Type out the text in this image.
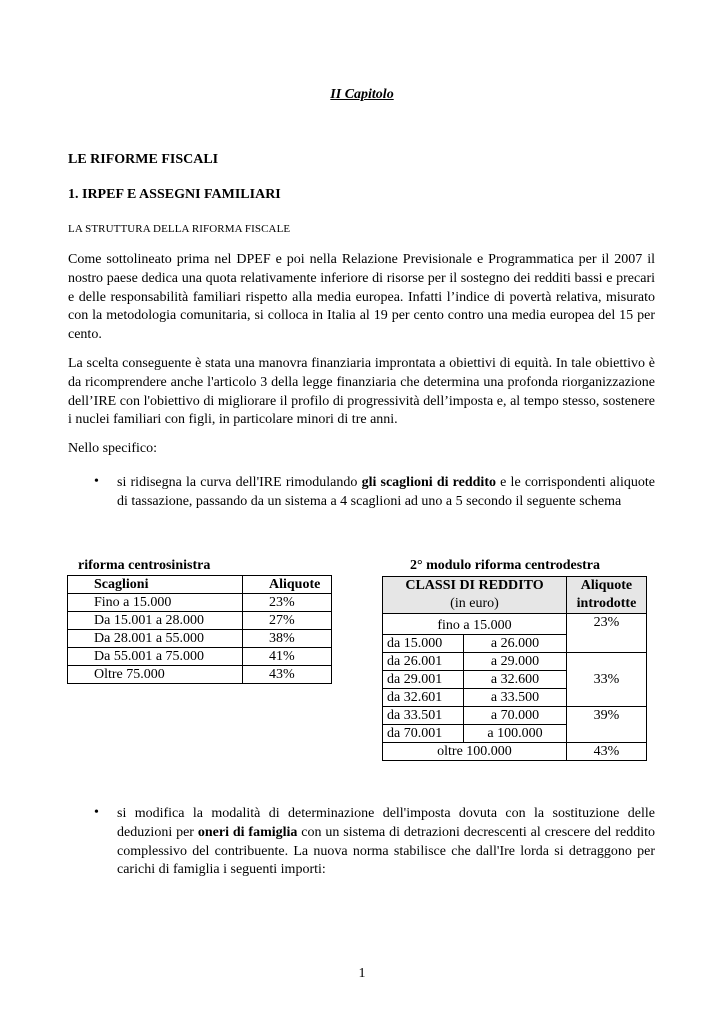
II Capitolo
LE RIFORME FISCALI
1. IRPEF E ASSEGNI FAMILIARI
LA STRUTTURA DELLA RIFORMA FISCALE

Come sottolineato prima nel DPEF e poi nella Relazione Previsionale e Programmatica per il 2007 il nostro paese dedica una quota relativamente inferiore di risorse per il sostegno dei redditi bassi e precari e delle responsabilità familiari rispetto alla media europea. Infatti l’indice di povertà relativa, misurato con la metodologia comunitaria, si colloca in Italia al 19 per cento contro una media europea del 15 per cento.

La scelta conseguente è stata una manovra finanziaria improntata a obiettivi di equità. In tale obiettivo è da ricomprendere anche l'articolo 3 della legge finanziaria che determina una profonda riorganizzazione dell’IRE con l'obiettivo di migliorare il profilo di progressività dell’imposta e, al tempo stesso, sostenere i nuclei familiari con figli, in particolare minori di tre anni.

Nello specifico:

• si ridisegna la curva dell'IRE rimodulando gli scaglioni di reddito e le corrispondenti aliquote di tassazione, passando da un sistema a 4 scaglioni ad uno a 5 secondo il seguente schema

riforma centrosinistra
Scaglioni	Aliquote
Fino a 15.000	23%
Da 15.001 a 28.000	27%
Da 28.001 a 55.000	38%
Da 55.001 a 75.000	41%
Oltre 75.000	43%
2° modulo riforma centrodestra
CLASSI DI REDDITO
(in euro)		Aliquote
introdotte
fino a 15.000		23%
da 15.000	a 26.000	
da 26.001	a 29.000	33%
da 29.001	a 32.600	
da 32.601	a 33.500	
da 33.501	a 70.000	39%
da 70.001	a 100.000	
oltre 100.000		43%
• si modifica la modalità di determinazione dell'imposta dovuta con la sostituzione delle deduzioni per oneri di famiglia con un sistema di detrazioni decrescenti al crescere del reddito complessivo del contribuente. La nuova norma stabilisce che dall'Ire lorda si detraggono per carichi di famiglia i seguenti importi:

1
